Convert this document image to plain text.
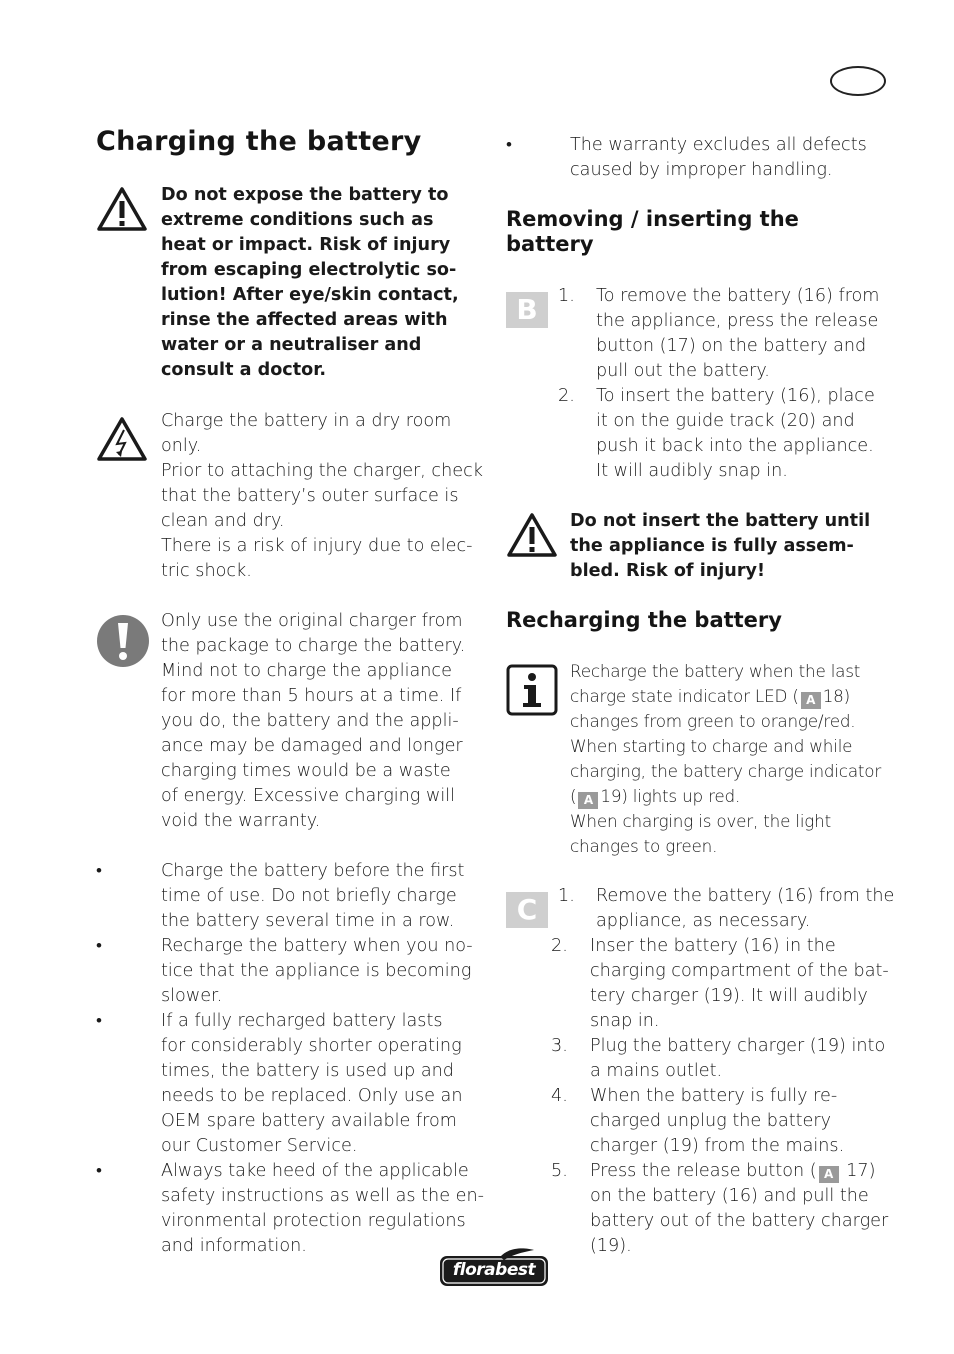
Charging the battery
Do not expose the battery to
extreme conditions such as
heat or impact. Risk of injury
from escaping electrolytic so-
lution! After eye/skin contact,
rinse the affected areas with
water or a neutraliser and
consult a doctor.
Charge the battery in a dry room
only.
Prior to attaching the charger, check
that the battery’s outer surface is
clean and dry.
There is a risk of injury due to elec-
tric shock.
Only use the original charger from
the package to charge the battery.
Mind not to charge the appliance
for more than 5 hours at a time. If
you do, the battery and the appli-
ance may be damaged and longer
charging times would be a waste
of energy. Excessive charging will
void the warranty.
•	Charge the battery before the first
time of use. Do not briefly charge
the battery several time in a row.
•	Recharge the battery when you no-
tice that the appliance is becoming
slower.
•	If a fully recharged battery lasts
for considerably shorter operating
times, the battery is used up and
needs to be replaced. Only use an
OEM spare battery available from
our Customer Service.
•	Always take heed of the applicable
safety instructions as well as the en-
vironmental protection regulations
and information.
•	The warranty excludes all defects
caused by improper handling.
Removing / inserting the
battery
B	1. To remove the battery (16) from
the appliance, press the release
button (17) on the battery and
pull out the battery.
2. To insert the battery (16), place
it on the guide track (20) and
push it back into the appliance.
It will audibly snap in.
Do not insert the battery until
the appliance is fully assem-
bled. Risk of injury!
Recharging the battery
Recharge the battery when the last
charge state indicator LED ( A 18)
changes from green to orange/red.
When starting to charge and while
charging, the battery charge indicator
( A 19) lights up red.
When charging is over, the light
changes to green.
C	1. Remove the battery (16) from the
appliance, as necessary.
2. Inser the battery (16) in the
charging compartment of the bat-
tery charger (19). It will audibly
snap in.
3. Plug the battery charger (19) into
a mains outlet.
4. When the battery is fully re-
charged unplug the battery
charger (19) from the mains.
5. Press the release button ( A 17)
on the battery (16) and pull the
battery out of the battery charger
(19).
florabest
